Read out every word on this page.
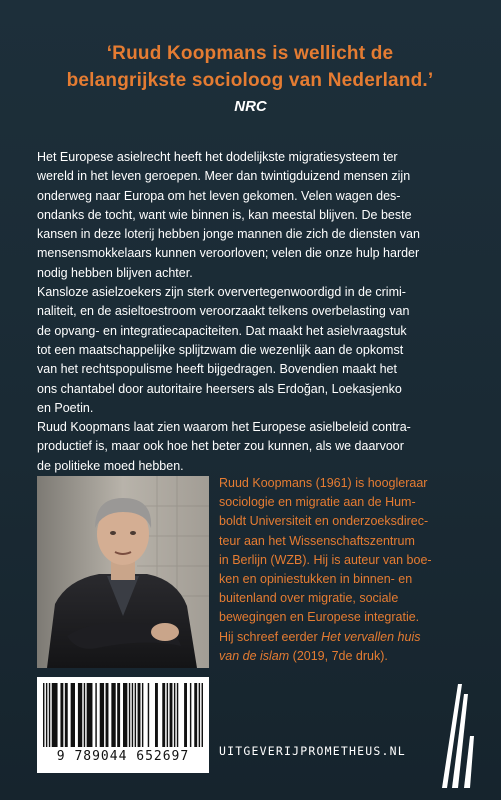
‘Ruud Koopmans is wellicht de
belangrijkste socioloog van Nederland.’
NRC

Het Europese asielrecht heeft het dodelijkste migratiesysteem ter

wereld in het leven geroepen. Meer dan twintigduizend mensen zijn

onderweg naar Europa om het leven gekomen. Velen wagen des-

ondanks de tocht, want wie binnen is, kan meestal blijven. De beste

kansen in deze loterij hebben jonge mannen die zich de diensten van

mensensmokkelaars kunnen veroorloven; velen die onze hulp harder

nodig hebben blijven achter.

Kansloze asielzoekers zijn sterk oververtegenwoordigd in de crimi-

naliteit, en de asieltoestroom veroorzaakt telkens overbelasting van

de opvang- en integratiecapaciteiten. Dat maakt het asielvraagstuk

tot een maatschappelijke splijtzwam die wezenlijk aan de opkomst

van het rechtspopulisme heeft bijgedragen. Bovendien maakt het

ons chantabel door autoritaire heersers als Erdoğan, Loekasjenko

en Poetin.

Ruud Koopmans laat zien waarom het Europese asielbeleid contra-

productief is, maar ook hoe het beter zou kunnen, als we daarvoor

de politieke moed hebben.

Ruud Koopmans (1961) is hoogleraar

sociologie en migratie aan de Hum-

boldt Universiteit en onderzoeksdirec-

teur aan het Wissenschaftszentrum

in Berlijn (WZB). Hij is auteur van boe-

ken en opiniestukken in binnen- en

buitenland over migratie, sociale

bewegingen en Europese integratie.

Hij schreef eerder Het vervallen huis

van de islam (2019, 7de druk).

9 789044 652697	UITGEVERIJPROMETHEUS.NL
